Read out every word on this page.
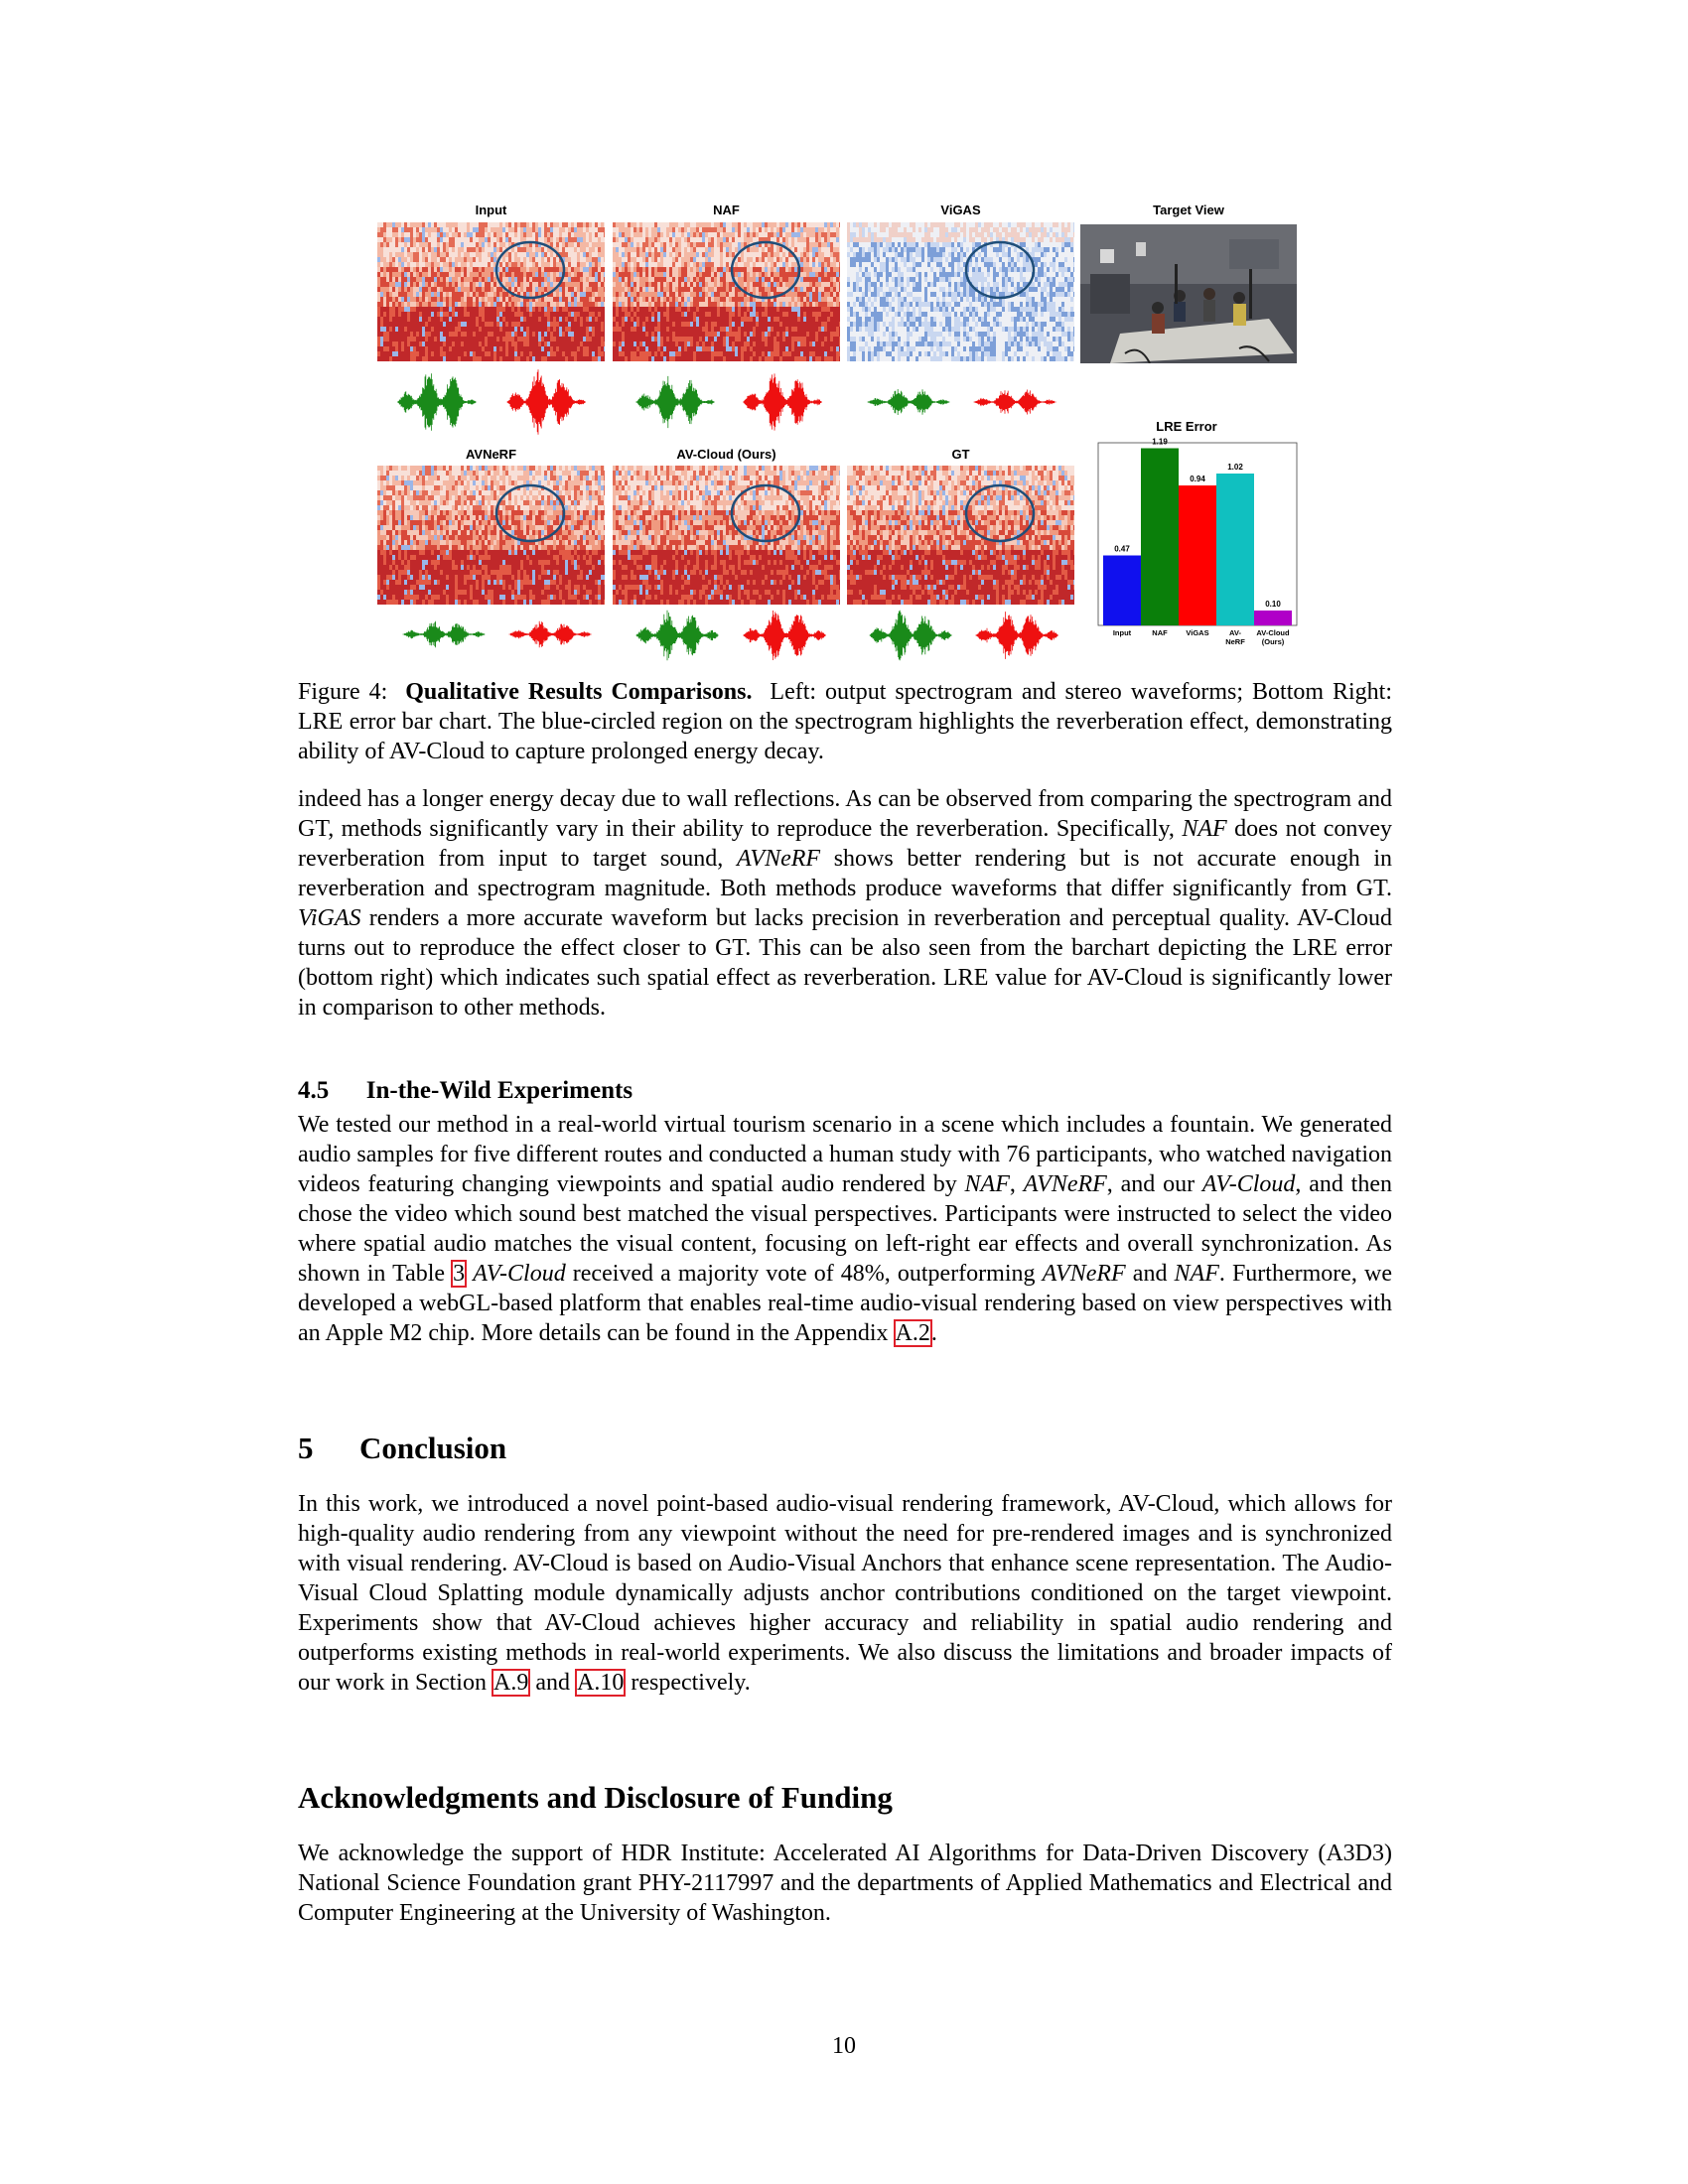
Input	NAF	ViGAS	Target View
AVNeRF	AV-Cloud (Ours)	GT
LRE Error
0.47
Input
1.19
NAF
0.94
ViGAS
1.02
AV-
NeRF
0.10
AV-Cloud
(Ours)

Figure 4: Qualitative Results Comparisons. Left: output spectrogram and stereo waveforms; Bottom Right: LRE error bar chart. The blue-circled region on the spectrogram highlights the reverberation effect, demonstrating ability of AV-Cloud to capture prolonged energy decay.

indeed has a longer energy decay due to wall reflections. As can be observed from comparing the spectrogram and GT, methods significantly vary in their ability to reproduce the reverberation. Specifically, NAF does not convey reverberation from input to target sound, AVNeRF shows better rendering but is not accurate enough in reverberation and spectrogram magnitude. Both methods produce waveforms that differ significantly from GT. ViGAS renders a more accurate waveform but lacks precision in reverberation and perceptual quality. AV-Cloud turns out to reproduce the effect closer to GT. This can be also seen from the barchart depicting the LRE error (bottom right) which indicates such spatial effect as reverberation. LRE value for AV-Cloud is significantly lower in comparison to other methods.

4.5  In-the-Wild Experiments

We tested our method in a real-world virtual tourism scenario in a scene which includes a fountain. We generated audio samples for five different routes and conducted a human study with 76 participants, who watched navigation videos featuring changing viewpoints and spatial audio rendered by NAF, AVNeRF, and our AV-Cloud, and then chose the video which sound best matched the visual perspectives. Participants were instructed to select the video where spatial audio matches the visual content, focusing on left-right ear effects and overall synchronization. As shown in Table 3 AV-Cloud received a majority vote of 48%, outperforming AVNeRF and NAF. Furthermore, we developed a webGL-based platform that enables real-time audio-visual rendering based on view perspectives with an Apple M2 chip. More details can be found in the Appendix A.2.

5  Conclusion

In this work, we introduced a novel point-based audio-visual rendering framework, AV-Cloud, which allows for high-quality audio rendering from any viewpoint without the need for pre-rendered images and is synchronized with visual rendering. AV-Cloud is based on Audio-Visual Anchors that enhance scene representation. The Audio-Visual Cloud Splatting module dynamically adjusts anchor contributions conditioned on the target viewpoint. Experiments show that AV-Cloud achieves higher accuracy and reliability in spatial audio rendering and outperforms existing methods in real-world experiments. We also discuss the limitations and broader impacts of our work in Section A.9 and A.10 respectively.

Acknowledgments and Disclosure of Funding

We acknowledge the support of HDR Institute: Accelerated AI Algorithms for Data-Driven Discovery (A3D3) National Science Foundation grant PHY-2117997 and the departments of Applied Mathematics and Electrical and Computer Engineering at the University of Washington.

10
